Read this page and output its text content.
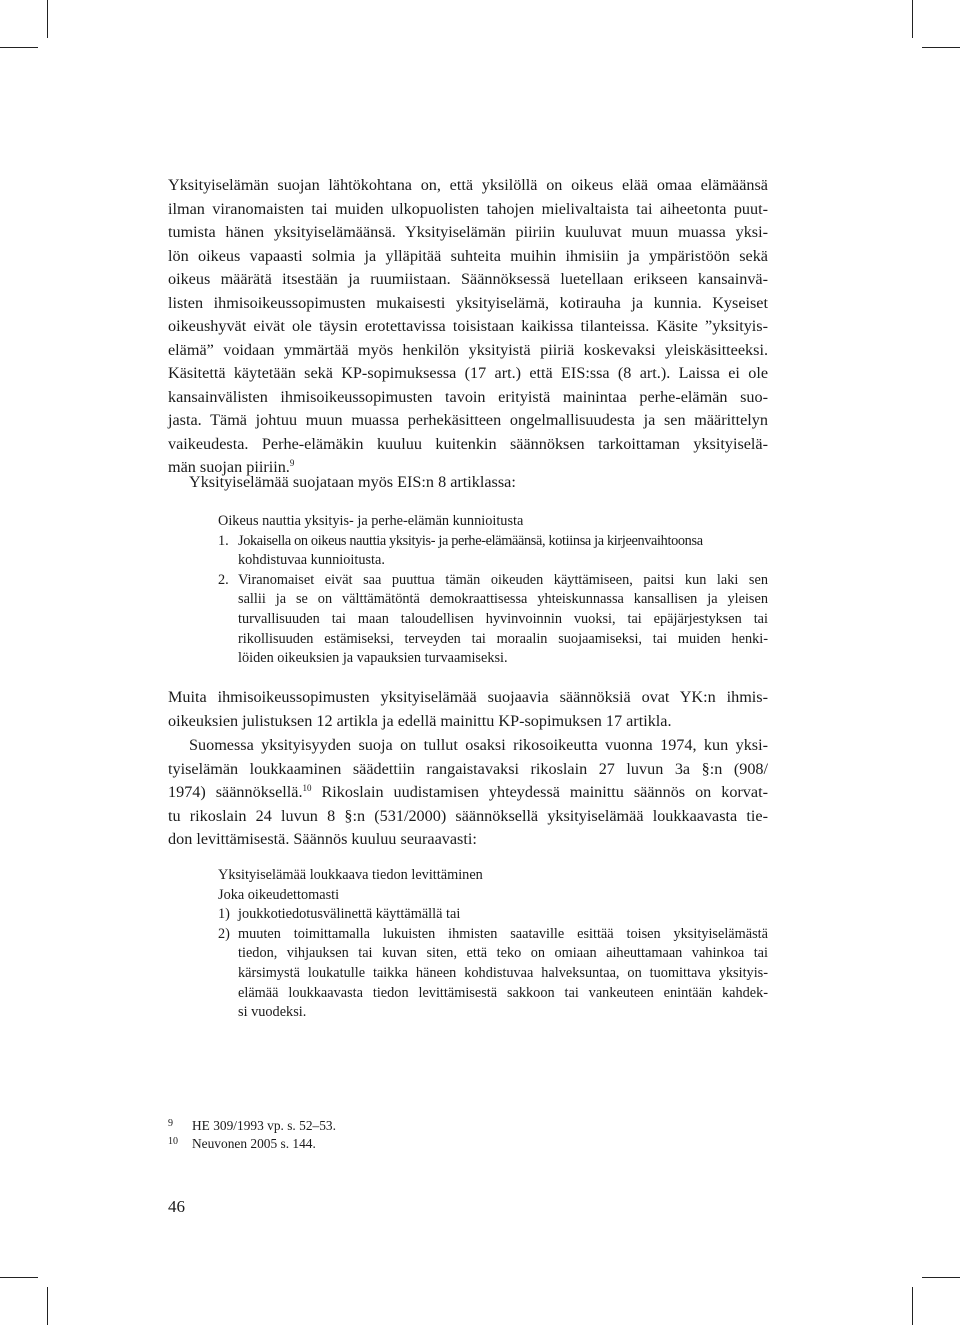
Yksityiselämän suojan lähtökohtana on, että yksilöllä on oikeus elää omaa elämäänsä
ilman viranomaisten tai muiden ulkopuolisten tahojen mielivaltaista tai aiheetonta puut-
tumista hänen yksityiselämäänsä. Yksityiselämän piiriin kuuluvat muun muassa yksi-
lön oikeus vapaasti solmia ja ylläpitää suhteita muihin ihmisiin ja ympäristöön sekä
oikeus määrätä itsestään ja ruumiistaan. Säännöksessä luetellaan erikseen kansainvä-
listen ihmisoikeussopimusten mukaisesti yksityiselämä, kotirauha ja kunnia. Kyseiset
oikeushyvät eivät ole täysin erotettavissa toisistaan kaikissa tilanteissa. Käsite ”yksityis-
elämä” voidaan ymmärtää myös henkilön yksityistä piiriä koskevaksi yleiskäsitteeksi.
Käsitettä käytetään sekä KP-sopimuksessa (17 art.) että EIS:ssa (8 art.). Laissa ei ole
kansainvälisten ihmisoikeussopimusten tavoin erityistä mainintaa perhe-elämän suo-
jasta. Tämä johtuu muun muassa perhekäsitteen ongelmallisuudesta ja sen määrittelyn
vaikeudesta. Perhe-elämäkin kuuluu kuitenkin säännöksen tarkoittaman yksityiselä-
män suojan piiriin.$^9$

Yksityiselämää suojataan myös EIS:n 8 artiklassa:

Oikeus nauttia yksityis- ja perhe-elämän kunnioitusta
1. Jokaisella on oikeus nauttia yksityis- ja perhe-elämäänsä, kotiinsa ja kirjeenvaihtoonsa
kohdistuvaa kunnioitusta.
2. Viranomaiset eivät saa puuttua tämän oikeuden käyttämiseen, paitsi kun laki sen
sallii ja se on välttämätöntä demokraattisessa yhteiskunnassa kansallisen ja yleisen
turvallisuuden tai maan taloudellisen hyvinvoinnin vuoksi, tai epäjärjestyksen tai
rikollisuuden estämiseksi, terveyden tai moraalin suojaamiseksi, tai muiden henki-
löiden oikeuksien ja vapauksien turvaamiseksi.

Muita ihmisoikeussopimusten yksityiselämää suojaavia säännöksiä ovat YK:n ihmis-
oikeuksien julistuksen 12 artikla ja edellä mainittu KP-sopimuksen 17 artikla.

Suomessa yksityisyyden suoja on tullut osaksi rikosoikeutta vuonna 1974, kun yksi-
tyiselämän loukkaaminen säädettiin rangaistavaksi rikoslain 27 luvun 3a §:n (908/
1974) säännöksellä.$^{10}$ Rikoslain uudistamisen yhteydessä mainittu säännös on korvat-
tu rikoslain 24 luvun 8 §:n (531/2000) säännöksellä yksityiselämää loukkaavasta tie-
don levittämisestä. Säännös kuuluu seuraavasti:

Yksityiselämää loukkaava tiedon levittäminen
Joka oikeudettomasti
1) joukkotiedotusvälinettä käyttämällä tai
2) muuten toimittamalla lukuisten ihmisten saataville esittää toisen yksityiselämästä
tiedon, vihjauksen tai kuvan siten, että teko on omiaan aiheuttamaan vahinkoa tai
kärsimystä loukatulle taikka häneen kohdistuvaa halveksuntaa, on tuomittava yksityis-
elämää loukkaavasta tiedon levittämisestä sakkoon tai vankeuteen enintään kahdek-
si vuodeksi.
9 HE 309/1993 vp. s. 52–53.
10 Neuvonen 2005 s. 144.
46
